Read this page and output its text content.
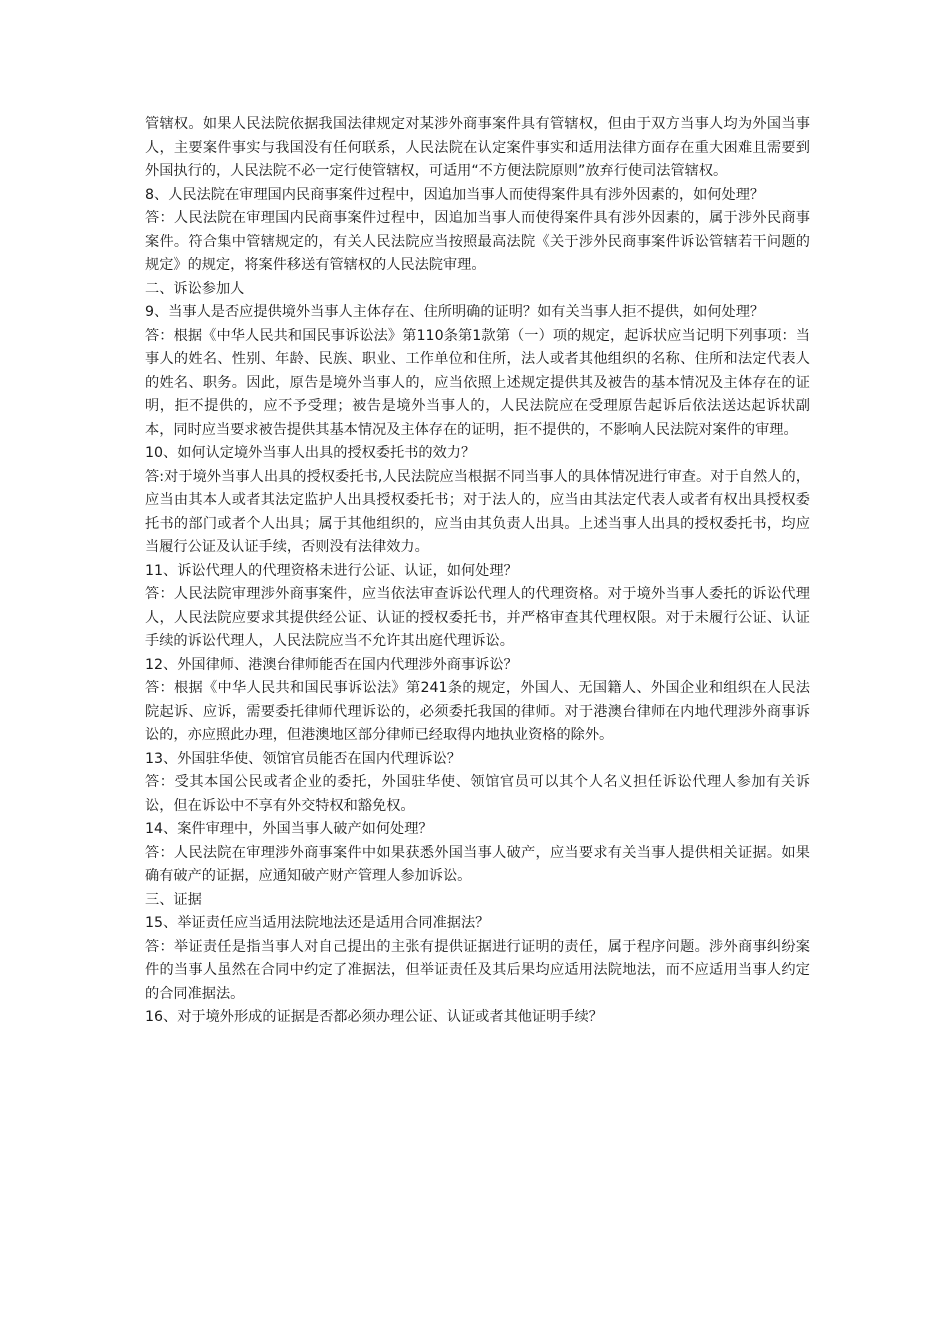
管辖权。如果人民法院依据我国法律规定对某涉外商事案件具有管辖权，但由于双方当事人均为外国当事人，主要案件事实与我国没有任何联系，人民法院在认定案件事实和适用法律方面存在重大困难且需要到外国执行的，人民法院不必一定行使管辖权，可适用“不方便法院原则”放弃行使司法管辖权。

8、人民法院在审理国内民商事案件过程中，因追加当事人而使得案件具有涉外因素的，如何处理？

答：人民法院在审理国内民商事案件过程中，因追加当事人而使得案件具有涉外因素的，属于涉外民商事案件。符合集中管辖规定的，有关人民法院应当按照最高法院《关于涉外民商事案件诉讼管辖若干问题的规定》的规定，将案件移送有管辖权的人民法院审理。

二、诉讼参加人

9、当事人是否应提供境外当事人主体存在、住所明确的证明？如有关当事人拒不提供，如何处理？

答：根据《中华人民共和国民事诉讼法》第110条第1款第（一）项的规定，起诉状应当记明下列事项：当事人的姓名、性别、年龄、民族、职业、工作单位和住所，法人或者其他组织的名称、住所和法定代表人的姓名、职务。因此，原告是境外当事人的，应当依照上述规定提供其及被告的基本情况及主体存在的证明，拒不提供的，应不予受理；被告是境外当事人的，人民法院应在受理原告起诉后依法送达起诉状副本，同时应当要求被告提供其基本情况及主体存在的证明，拒不提供的，不影响人民法院对案件的审理。

10、如何认定境外当事人出具的授权委托书的效力？

答:对于境外当事人出具的授权委托书,人民法院应当根据不同当事人的具体情况进行审查。对于自然人的，应当由其本人或者其法定监护人出具授权委托书；对于法人的，应当由其法定代表人或者有权出具授权委托书的部门或者个人出具；属于其他组织的，应当由其负责人出具。上述当事人出具的授权委托书，均应当履行公证及认证手续，否则没有法律效力。

11、诉讼代理人的代理资格未进行公证、认证，如何处理？

答：人民法院审理涉外商事案件，应当依法审查诉讼代理人的代理资格。对于境外当事人委托的诉讼代理人，人民法院应要求其提供经公证、认证的授权委托书，并严格审查其代理权限。对于未履行公证、认证手续的诉讼代理人，人民法院应当不允许其出庭代理诉讼。

12、外国律师、港澳台律师能否在国内代理涉外商事诉讼？

答：根据《中华人民共和国民事诉讼法》第241条的规定，外国人、无国籍人、外国企业和组织在人民法院起诉、应诉，需要委托律师代理诉讼的，必须委托我国的律师。对于港澳台律师在内地代理涉外商事诉讼的，亦应照此办理，但港澳地区部分律师已经取得内地执业资格的除外。

13、外国驻华使、领馆官员能否在国内代理诉讼？

答：受其本国公民或者企业的委托，外国驻华使、领馆官员可以其个人名义担任诉讼代理人参加有关诉讼，但在诉讼中不享有外交特权和豁免权。

14、案件审理中，外国当事人破产如何处理？

答：人民法院在审理涉外商事案件中如果获悉外国当事人破产，应当要求有关当事人提供相关证据。如果确有破产的证据，应通知破产财产管理人参加诉讼。

三、证据

15、举证责任应当适用法院地法还是适用合同准据法？

答：举证责任是指当事人对自己提出的主张有提供证据进行证明的责任，属于程序问题。涉外商事纠纷案件的当事人虽然在合同中约定了准据法，但举证责任及其后果均应适用法院地法，而不应适用当事人约定的合同准据法。

16、对于境外形成的证据是否都必须办理公证、认证或者其他证明手续？
